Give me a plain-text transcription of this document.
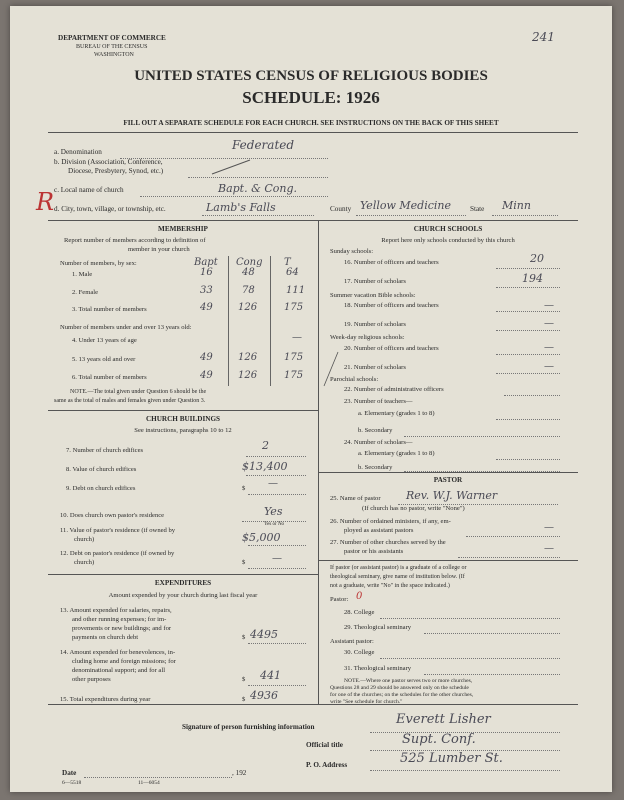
DEPARTMENT OF COMMERCE
BUREAU OF THE CENSUS
WASHINGTON
241
UNITED STATES CENSUS OF RELIGIOUS BODIES
SCHEDULE: 1926
FILL OUT A SEPARATE SCHEDULE FOR EACH CHURCH. SEE INSTRUCTIONS ON THE BACK OF THIS SHEET
a. Denomination	Federated
b. Division (Association, Conference,
Diocese, Presbytery, Synod, etc.)
c. Local name of church	Bapt. & Cong.
R d. City, town, village, or township, etc.	Lamb's Falls	County Yellow Medicine	State Minn
MEMBERSHIP
Report number of members according to definition of
member in your church
Number of members, by sex:	Bapt Cong T
1. Male	16	48	64
2. Female	33	78	111
3. Total number of members	49	126	175
Number of members under and over 13 years old:
4. Under 13 years of age	—
5. 13 years old and over	49	126	175
6. Total number of members	49	126	175
NOTE.—The total given under Question 6 should be the
same as the total of males and females given under Question 3.
CHURCH BUILDINGS
See instructions, paragraphs 10 to 12
7. Number of church edifices	2
8. Value of church edifices	$13,400
9. Debt on church edifices	$ —
10. Does church own pastor's residence	Yes
Yes or No
11. Value of pastor's residence (if owned by
church)	$5,000
12. Debt on pastor's residence (if owned by
church)	$	—
EXPENDITURES
Amount expended by your church during last fiscal year
13. Amount expended for salaries, repairs,
and other running expenses; for im-
provements or new buildings; and for
payments on church debt	$ 4495
14. Amount expended for benevolences, in-
cluding home and foreign missions; for
denominational support; and for all
other purposes	$ 441
15. Total expenditures during year	$ 4936
CHURCH SCHOOLS
Report here only schools conducted by this church
Sunday schools:
16. Number of officers and teachers	20
17. Number of scholars	194
Summer vacation Bible schools:
18. Number of officers and teachers	—
19. Number of scholars	—
Week-day religious schools:
20. Number of officers and teachers	—
21. Number of scholars	—
Parochial schools:
22. Number of administrative officers
23. Number of teachers—
a. Elementary (grades 1 to 8)
b. Secondary
24. Number of scholars—
a. Elementary (grades 1 to 8)
b. Secondary
PASTOR
25. Name of pastor Rev. W.J. Warner
(If church has no pastor, write "None")
26. Number of ordained ministers, if any, em-
ployed as assistant pastors	—
27. Number of other churches served by the
pastor or his assistants	—
If pastor (or assistant pastor) is a graduate of a college or
theological seminary, give name of institution below. (If
not a graduate, write "No" in the space indicated.)
Pastor: 0
28. College
29. Theological seminary
Assistant pastor:
30. College
31. Theological seminary
NOTE.—Where one pastor serves two or more churches,
Questions 28 and 29 should be answered only on the schedule
for one of the churches; on the schedules for the other churches,
write "See schedule for church."
Signature of person furnishing information	Everett Lisher
Official title	Supt. Conf.
P. O. Address	525 Lumber St.
Date	, 192
6—5518	11—6054
